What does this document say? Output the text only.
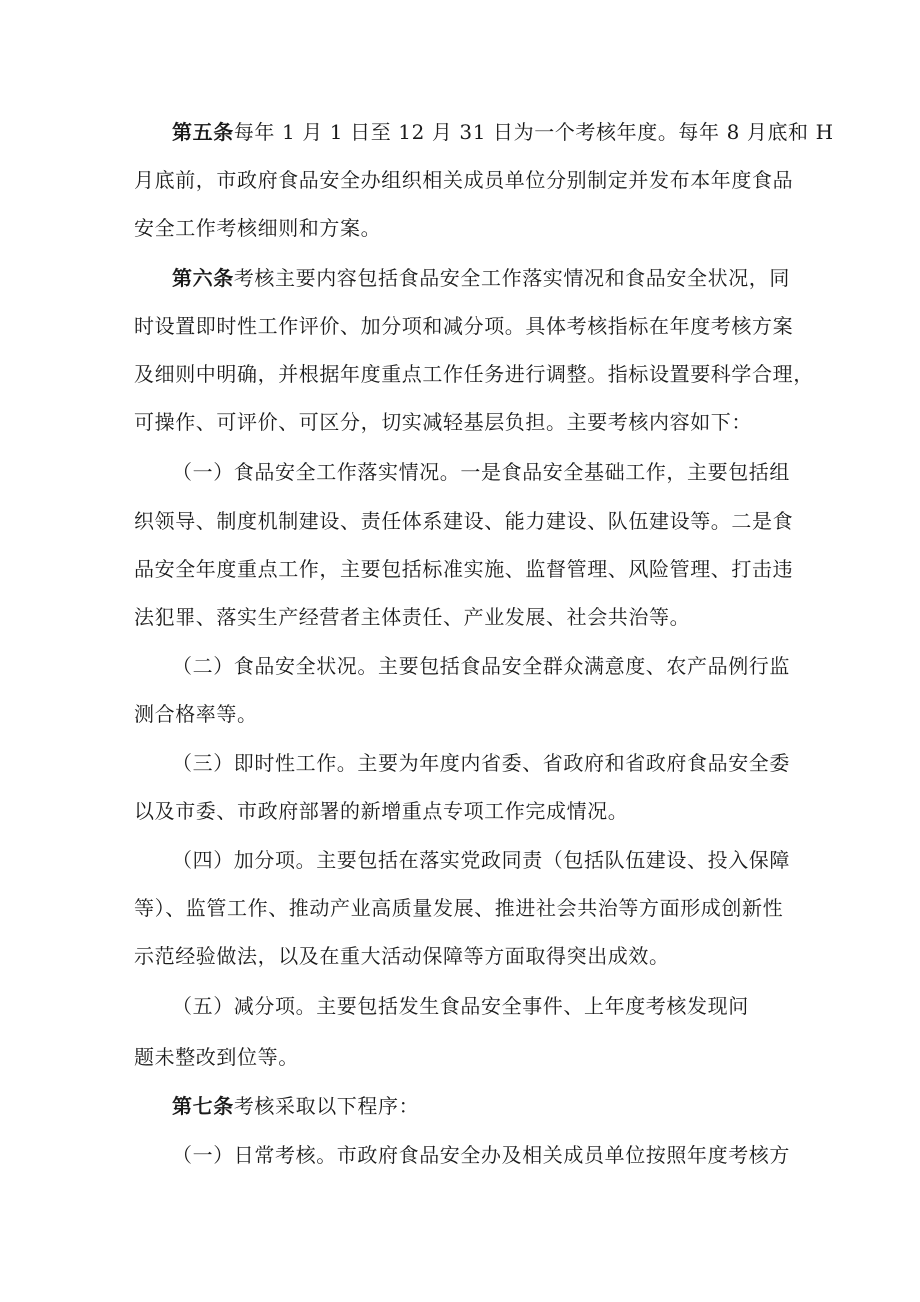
第五条每年 1 月 1 日至 12 月 31 日为一个考核年度。每年 8 月底和 H
月底前，市政府食品安全办组织相关成员单位分别制定并发布本年度食品
安全工作考核细则和方案。
第六条考核主要内容包括食品安全工作落实情况和食品安全状况，同
时设置即时性工作评价、加分项和减分项。具体考核指标在年度考核方案
及细则中明确，并根据年度重点工作任务进行调整。指标设置要科学合理，
可操作、可评价、可区分，切实减轻基层负担。主要考核内容如下：
（一）食品安全工作落实情况。一是食品安全基础工作，主要包括组
织领导、制度机制建设、责任体系建设、能力建设、队伍建设等。二是食
品安全年度重点工作，主要包括标准实施、监督管理、风险管理、打击违
法犯罪、落实生产经营者主体责任、产业发展、社会共治等。
（二）食品安全状况。主要包括食品安全群众满意度、农产品例行监
测合格率等。
（三）即时性工作。主要为年度内省委、省政府和省政府食品安全委
以及市委、市政府部署的新增重点专项工作完成情况。
（四）加分项。主要包括在落实党政同责（包括队伍建设、投入保障
等）、监管工作、推动产业高质量发展、推进社会共治等方面形成创新性
示范经验做法，以及在重大活动保障等方面取得突出成效。
（五）减分项。主要包括发生食品安全事件、上年度考核发现问
题未整改到位等。
第七条考核采取以下程序：
（一）日常考核。市政府食品安全办及相关成员单位按照年度考核方
